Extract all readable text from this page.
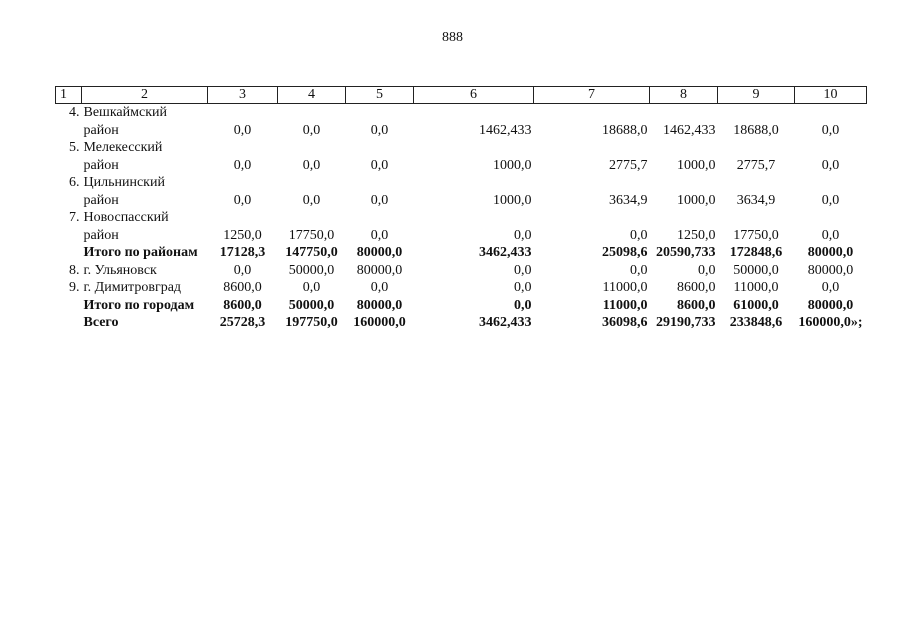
888
1	2	3	4	5	6	7	8	9	10
4.	Вешкаймский								
	район	0,0	0,0	0,0	1462,433	18688,0	1462,433	18688,0	0,0
5.	Мелекесский								
	район	0,0	0,0	0,0	1000,0	2775,7	1000,0	2775,7	0,0
6.	Цильнинский								
	район	0,0	0,0	0,0	1000,0	3634,9	1000,0	3634,9	0,0
7.	Новоспасский								
	район	1250,0	17750,0	0,0	0,0	0,0	1250,0	17750,0	0,0
	Итого по районам	17128,3	147750,0	80000,0	3462,433	25098,6	20590,733	172848,6	80000,0
8.	г. Ульяновск	0,0	50000,0	80000,0	0,0	0,0	0,0	50000,0	80000,0
9.	г. Димитровград	8600,0	0,0	0,0	0,0	11000,0	8600,0	11000,0	0,0
	Итого по городам	8600,0	50000,0	80000,0	0,0	11000,0	8600,0	61000,0	80000,0
	Всего	25728,3	197750,0	160000,0	3462,433	36098,6	29190,733	233848,6	160000,0»;
